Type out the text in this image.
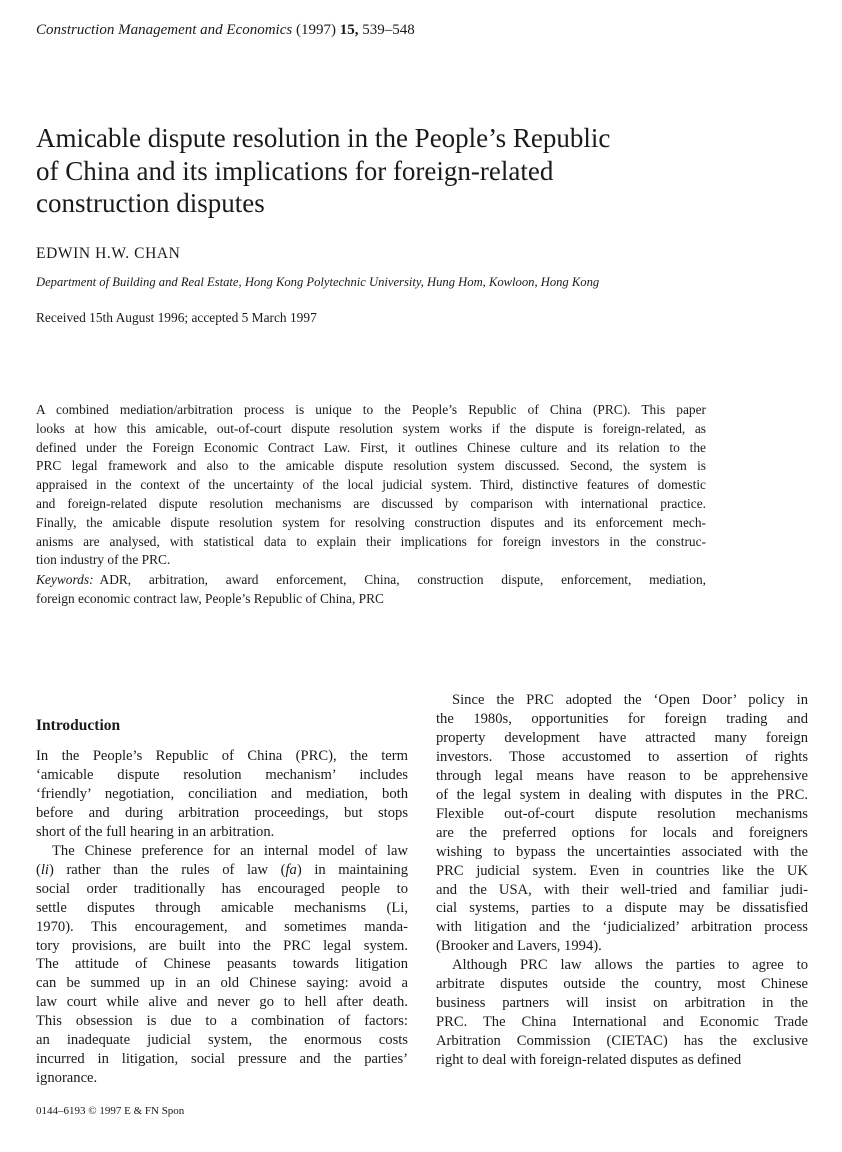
Construction Management and Economics (1997) 15, 539–548
Amicable dispute resolution in the People’s Republic
of China and its implications for foreign-related
construction disputes
EDWIN H.W. CHAN
Department of Building and Real Estate, Hong Kong Polytechnic University, Hung Hom, Kowloon, Hong Kong
Received 15th August 1996; accepted 5 March 1997
A combined mediation/arbitration process is unique to the People’s Republic of China (PRC). This paper
looks at how this amicable, out-of-court dispute resolution system works if the dispute is foreign-related, as
defined under the Foreign Economic Contract Law. First, it outlines Chinese culture and its relation to the
PRC legal framework and also to the amicable dispute resolution system discussed. Second, the system is
appraised in the context of the uncertainty of the local judicial system. Third, distinctive features of domestic
and foreign-related dispute resolution mechanisms are discussed by comparison with international practice.
Finally, the amicable dispute resolution system for resolving construction disputes and its enforcement mech-
anisms are analysed, with statistical data to explain their implications for foreign investors in the construc-
tion industry of the PRC.
Keywords: ADR, arbitration, award enforcement, China, construction dispute, enforcement, mediation,
foreign economic contract law, People’s Republic of China, PRC
Introduction
In the People’s Republic of China (PRC), the term
‘amicable dispute resolution mechanism’ includes
‘friendly’ negotiation, conciliation and mediation, both
before and during arbitration proceedings, but stops
short of the full hearing in an arbitration.
The Chinese preference for an internal model of law
(li) rather than the rules of law (fa) in maintaining
social order traditionally has encouraged people to
settle disputes through amicable mechanisms (Li,
1970). This encouragement, and sometimes manda-
tory provisions, are built into the PRC legal system.
The attitude of Chinese peasants towards litigation
can be summed up in an old Chinese saying: avoid a
law court while alive and never go to hell after death.
This obsession is due to a combination of factors:
an inadequate judicial system, the enormous costs
incurred in litigation, social pressure and the parties’
ignorance.
Since the PRC adopted the ‘Open Door’ policy in
the 1980s, opportunities for foreign trading and
property development have attracted many foreign
investors. Those accustomed to assertion of rights
through legal means have reason to be apprehensive
of the legal system in dealing with disputes in the PRC.
Flexible out-of-court dispute resolution mechanisms
are the preferred options for locals and foreigners
wishing to bypass the uncertainties associated with the
PRC judicial system. Even in countries like the UK
and the USA, with their well-tried and familiar judi-
cial systems, parties to a dispute may be dissatisfied
with litigation and the ‘judicialized’ arbitration process
(Brooker and Lavers, 1994).
Although PRC law allows the parties to agree to
arbitrate disputes outside the country, most Chinese
business partners will insist on arbitration in the
PRC. The China International and Economic Trade
Arbitration Commission (CIETAC) has the exclusive
right to deal with foreign-related disputes as defined
0144–6193 © 1997 E & FN Spon
